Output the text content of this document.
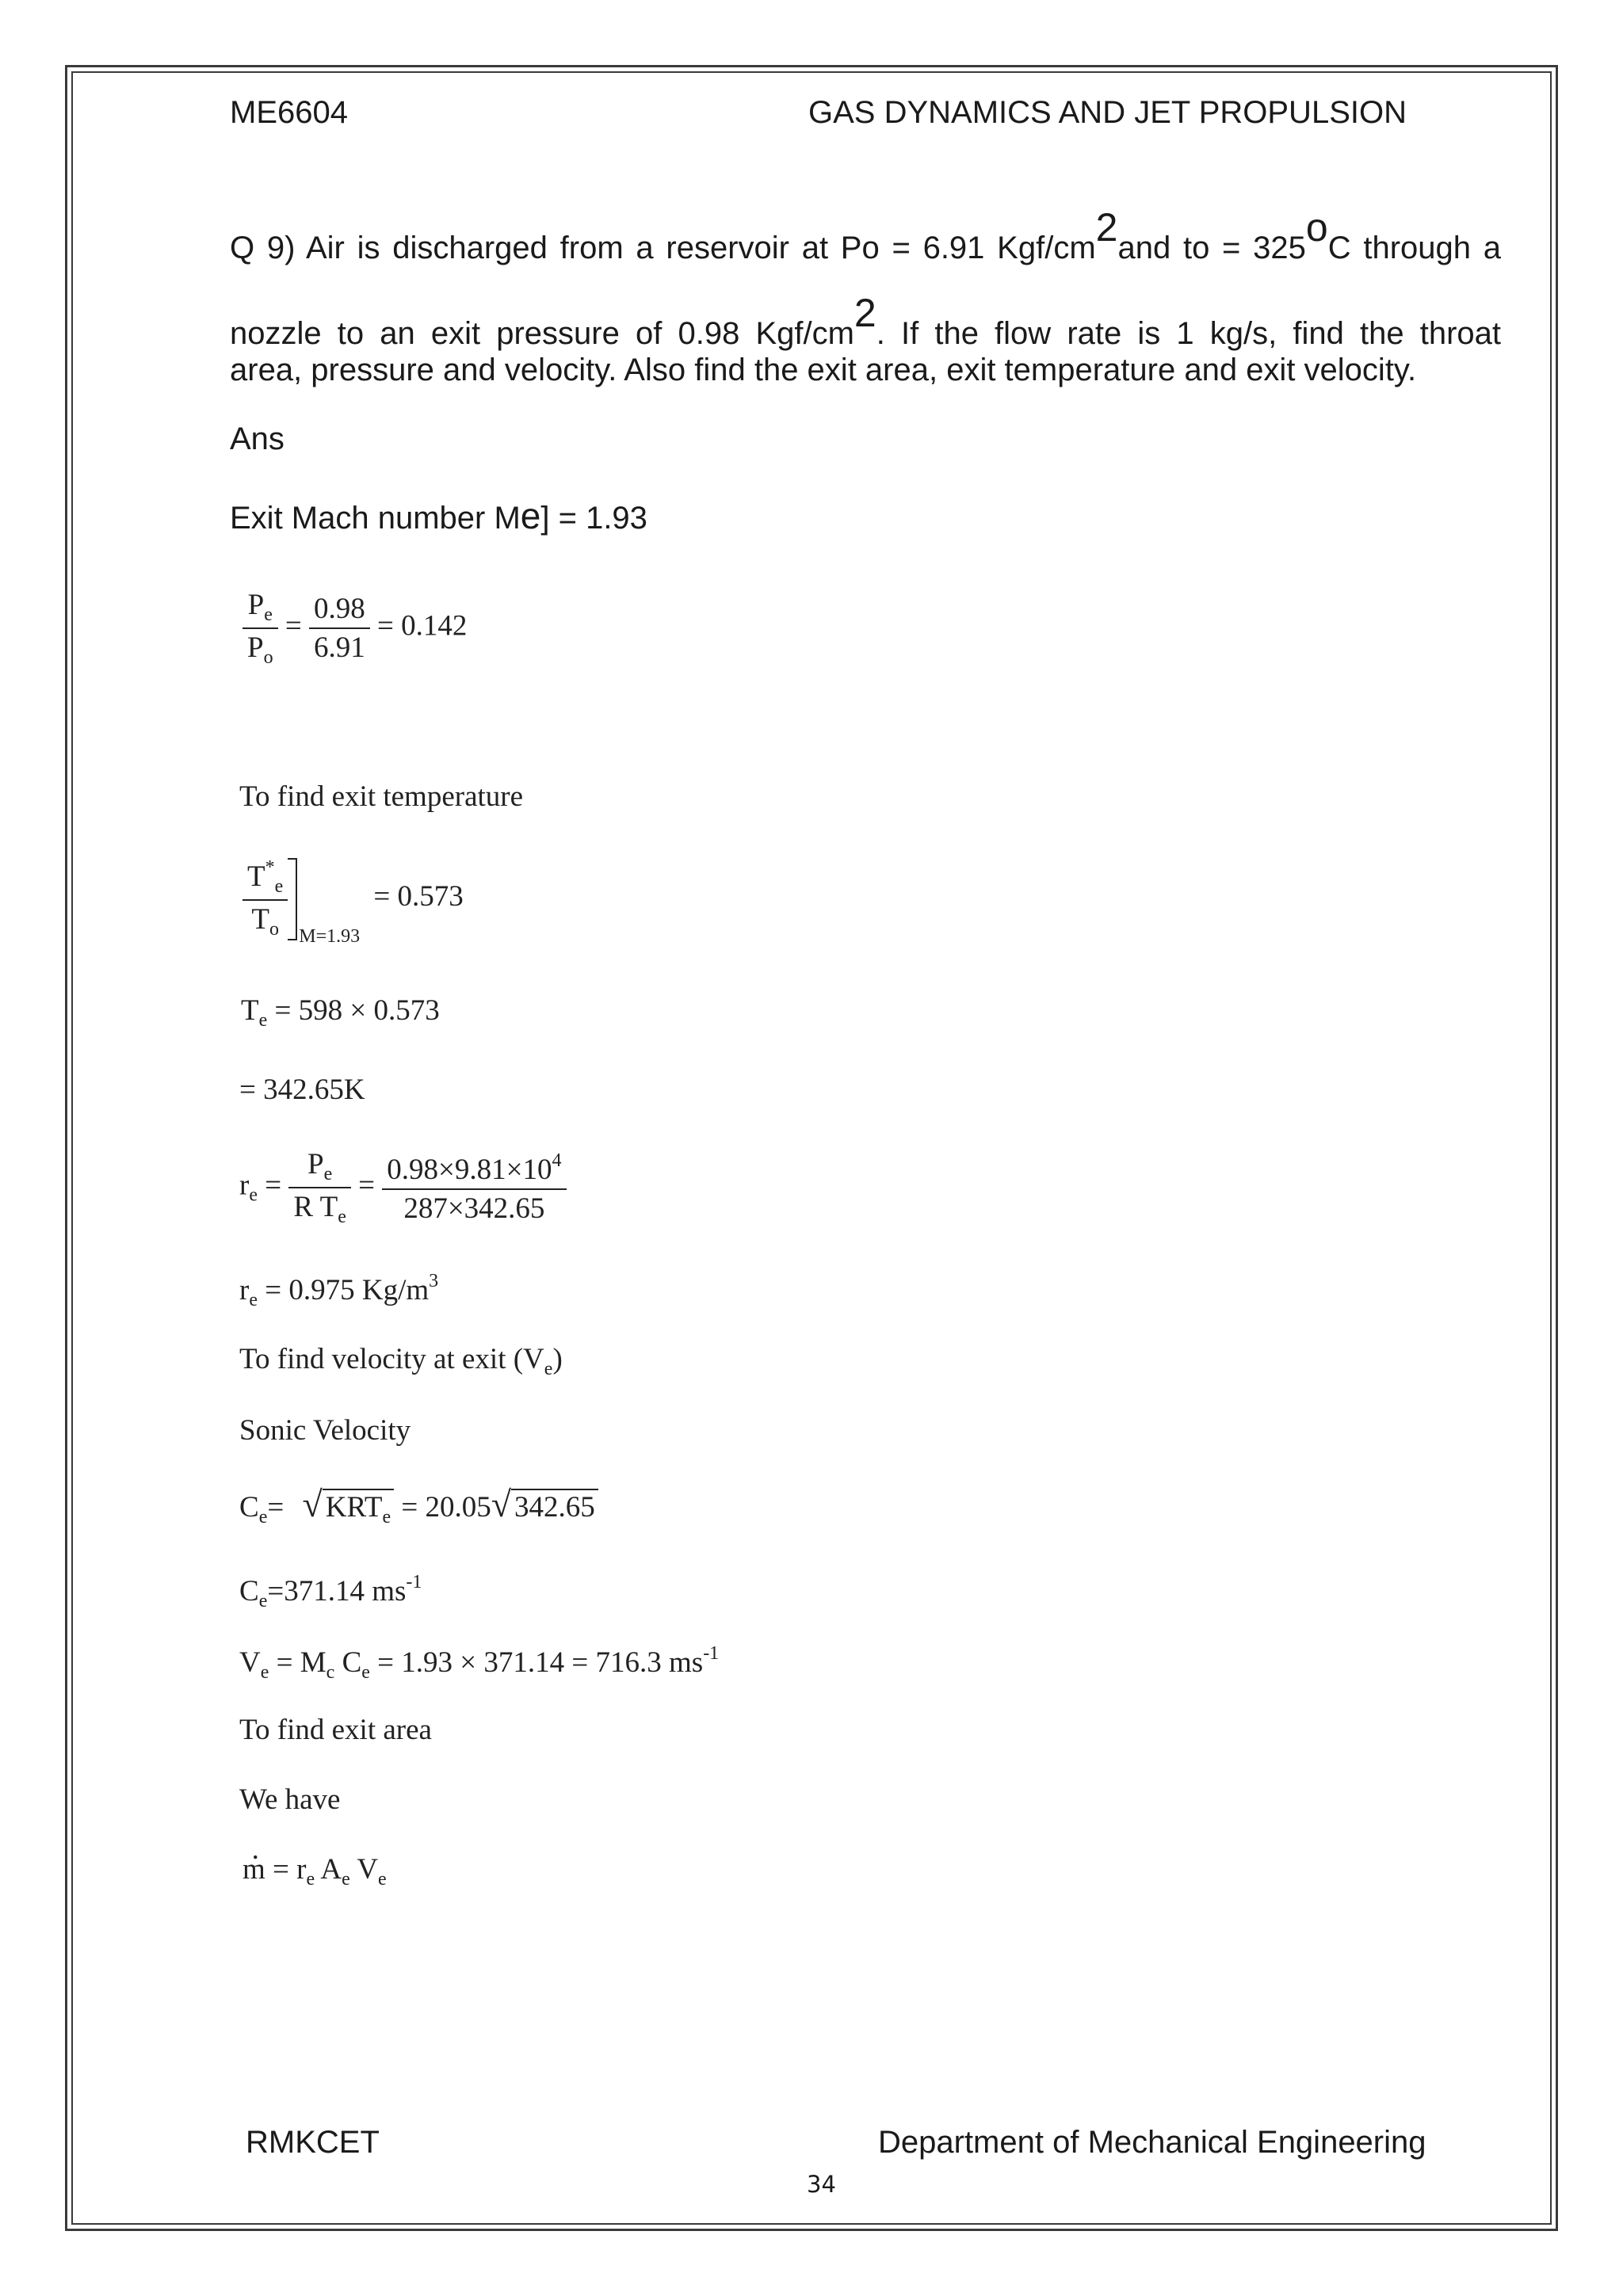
ME6604	GAS DYNAMICS AND JET PROPULSION
Q 9) Air is discharged from a reservoir at Po = 6.91 Kgf/cm2and to = 325oC through a
nozzle to an exit pressure of 0.98 Kgf/cm2. If the flow rate is 1 kg/s, find the throat
area, pressure and velocity. Also find the exit area, exit temperature and exit velocity.
Ans
Exit Mach number Me] = 1.93
$\frac{P_e}{P_o} = \frac{0.98}{6.91} = 0.142$
To find exit temperature
$\frac{T^*_e}{T_o} _{M=1.93} = 0.573$
$T_e = 598 \times 0.573$
= 342.65K
$r_e = \frac{P_e}{R T_e} = \frac{0.98\times 9.81\times 10^4}{287\times 342.65}$
$r_e = 0.975$ $Kg/m^3$
To find velocity at exit $(V_e)$
Sonic Velocity
$C_e=$ √ $KRT_e = 20.05√$ 342.65
$C_e=371.14$ $ms^{-1}$
$V_e = M_c$ $C_e = 1.93 \times 371.14 = 716.3$ $ms^{-1}$
To find exit area
We have
m . = $r_e$ $A_e$ $V_e$
RMKCET	Department of Mechanical Engineering
34
